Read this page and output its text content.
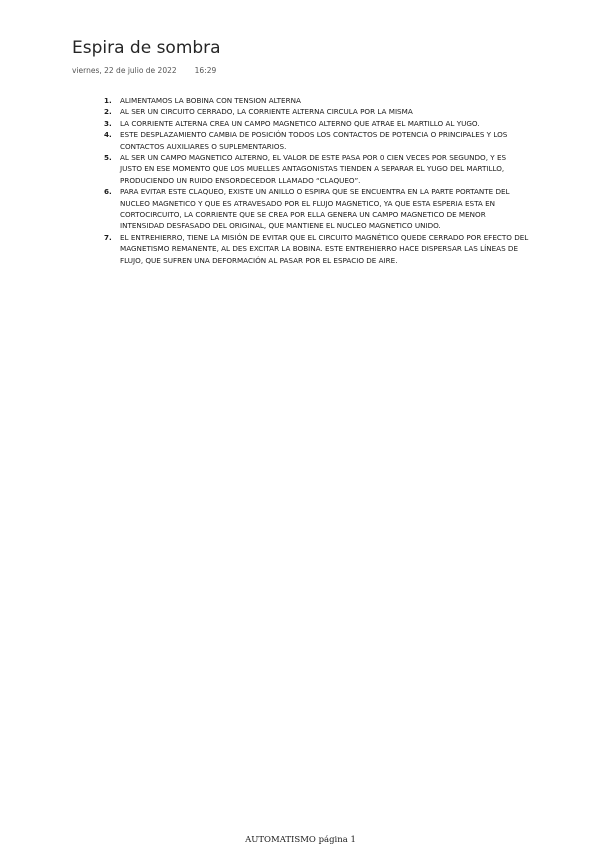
Espira de sombra
viernes, 22 de julio de 2022 16:29
1. ALIMENTAMOS LA BOBINA CON TENSION ALTERNA
2. AL SER UN CIRCUITO CERRADO, LA CORRIENTE ALTERNA CIRCULA POR LA MISMA
3. LA CORRIENTE ALTERNA CREA UN CAMPO MAGNETICO ALTERNO QUE ATRAE EL MARTILLO AL YUGO.
4. ESTE DESPLAZAMIENTO CAMBIA DE POSICIÓN TODOS LOS CONTACTOS DE POTENCIA O PRINCIPALES Y LOS CONTACTOS AUXILIARES O SUPLEMENTARIOS.
5. AL SER UN CAMPO MAGNETICO ALTERNO, EL VALOR DE ESTE PASA POR 0 CIEN VECES POR SEGUNDO, Y ES JUSTO EN ESE MOMENTO QUE LOS MUELLES ANTAGONISTAS TIENDEN A SEPARAR EL YUGO DEL MARTILLO, PRODUCIENDO UN RUIDO ENSORDECEDOR LLAMADO “CLAQUEO”.
6. PARA EVITAR ESTE CLAQUEO, EXISTE UN ANILLO O ESPIRA QUE SE ENCUENTRA EN LA PARTE PORTANTE DEL NUCLEO MAGNETICO Y QUE ES ATRAVESADO POR EL FLUJO MAGNETICO, YA QUE ESTA ESPERIA ESTA EN CORTOCIRCUITO, LA CORRIENTE QUE SE CREA POR ELLA GENERA UN CAMPO MAGNETICO DE MENOR INTENSIDAD DESFASADO DEL ORIGINAL, QUE MANTIENE EL NUCLEO MAGNETICO UNIDO.
7. EL ENTREHIERRO, TIENE LA MISIÓN DE EVITAR QUE EL CIRCUITO MAGNÉTICO QUEDE CERRADO POR EFECTO DEL MAGNETISMO REMANENTE, AL DES EXCITAR LA BOBINA. ESTE ENTREHIERRO HACE DISPERSAR LAS LÍNEAS DE FLUJO, QUE SUFREN UNA DEFORMACIÓN AL PASAR POR EL ESPACIO DE AIRE.
AUTOMATISMO página 1
